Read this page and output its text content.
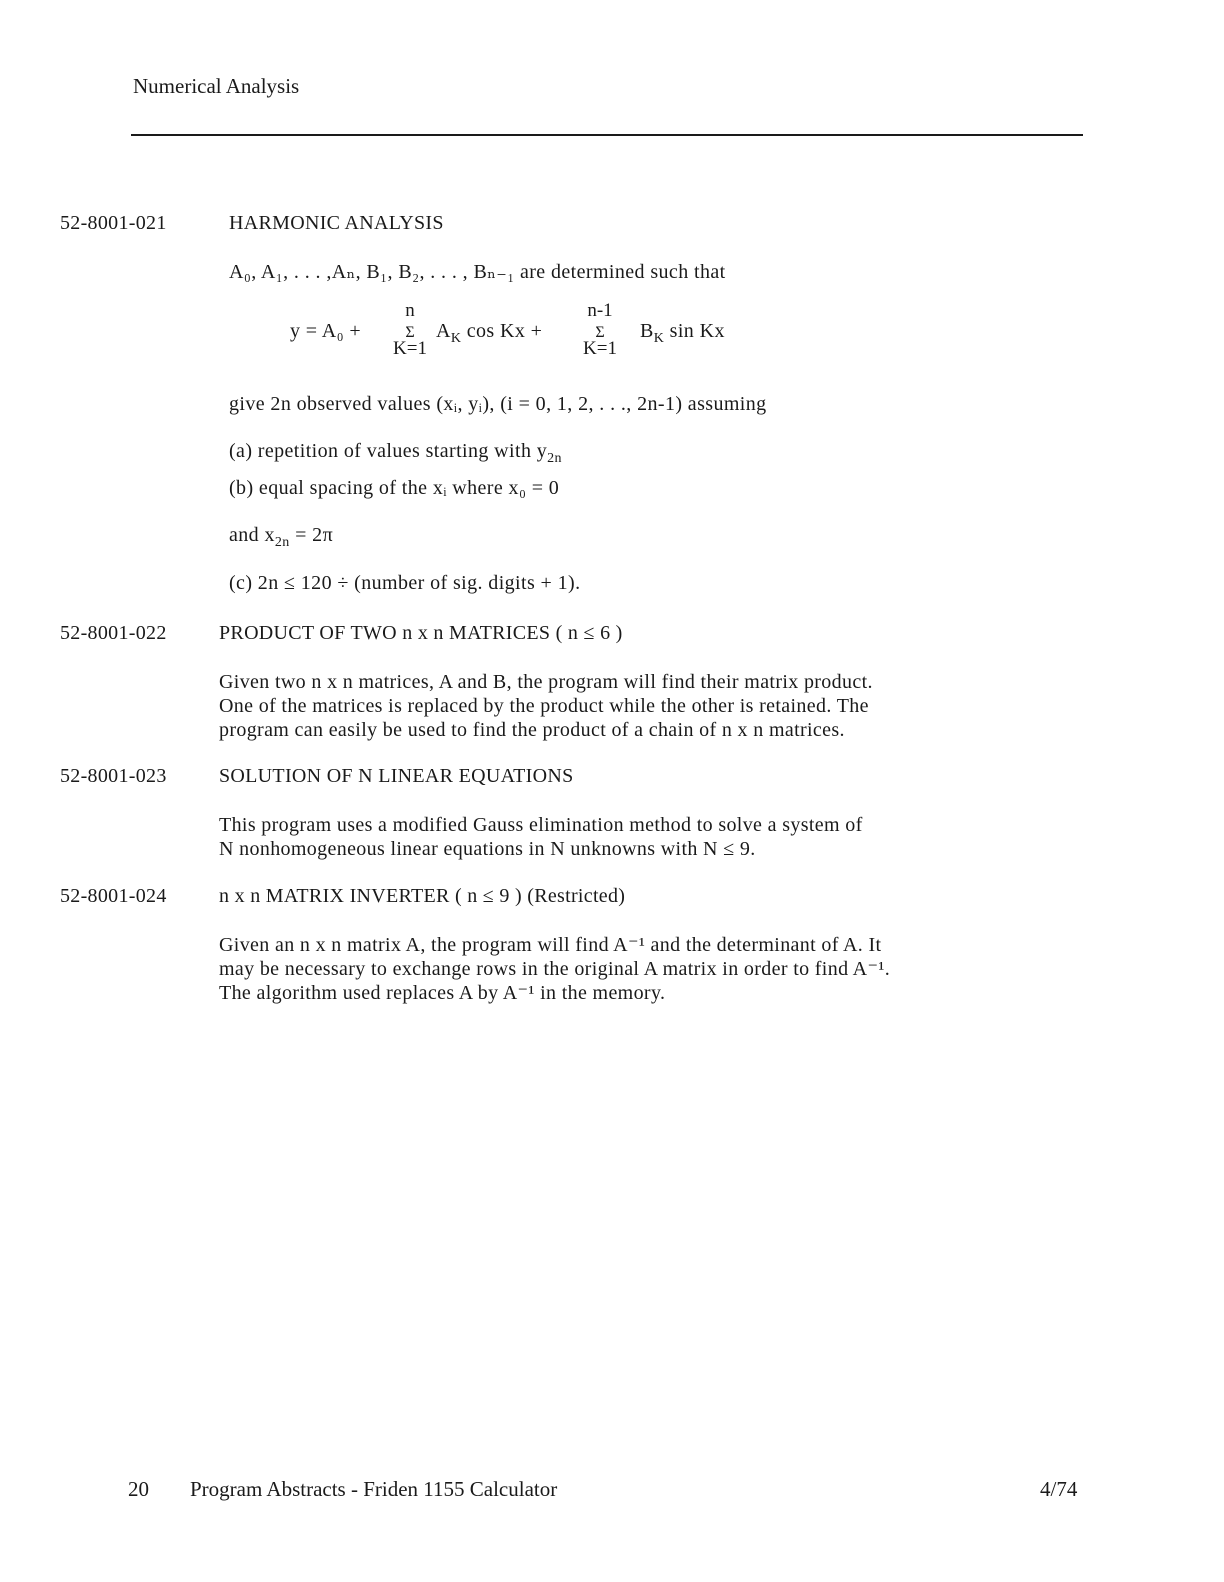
Numerical Analysis
52-8001-021	HARMONIC ANALYSIS
A₀, A₁, . . . ,Aₙ, B₁, B₂, . . . , Bₙ₋₁ are determined such that
y = A₀ +
n
Σ
K=1
$A_K$ cos Kx +
n-1
Σ
K=1
$B_K$ sin Kx
give 2n observed values (xᵢ, yᵢ), (i = 0, 1, 2, . . ., 2n-1) assuming
(a) repetition of values starting with $y_{2n}$
(b) equal spacing of the xᵢ where x₀ = 0
and $x_{2n} = 2\pi$
(c) 2n ≤ 120 ÷ (number of sig. digits + 1).
52-8001-022	PRODUCT OF TWO n x n MATRICES ( n ≤ 6 )
Given two n x n matrices, A and B, the program will find their matrix product.
One of the matrices is replaced by the product while the other is retained. The
program can easily be used to find the product of a chain of n x n matrices.
52-8001-023	SOLUTION OF N LINEAR EQUATIONS
This program uses a modified Gauss elimination method to solve a system of
N nonhomogeneous linear equations in N unknowns with N ≤ 9.
52-8001-024	n x n MATRIX INVERTER ( n ≤ 9 ) (Restricted)
Given an n x n matrix A, the program will find A⁻¹ and the determinant of A. It
may be necessary to exchange rows in the original A matrix in order to find A⁻¹.
The algorithm used replaces A by A⁻¹ in the memory.
20 Program Abstracts - Friden 1155 Calculator	4/74
